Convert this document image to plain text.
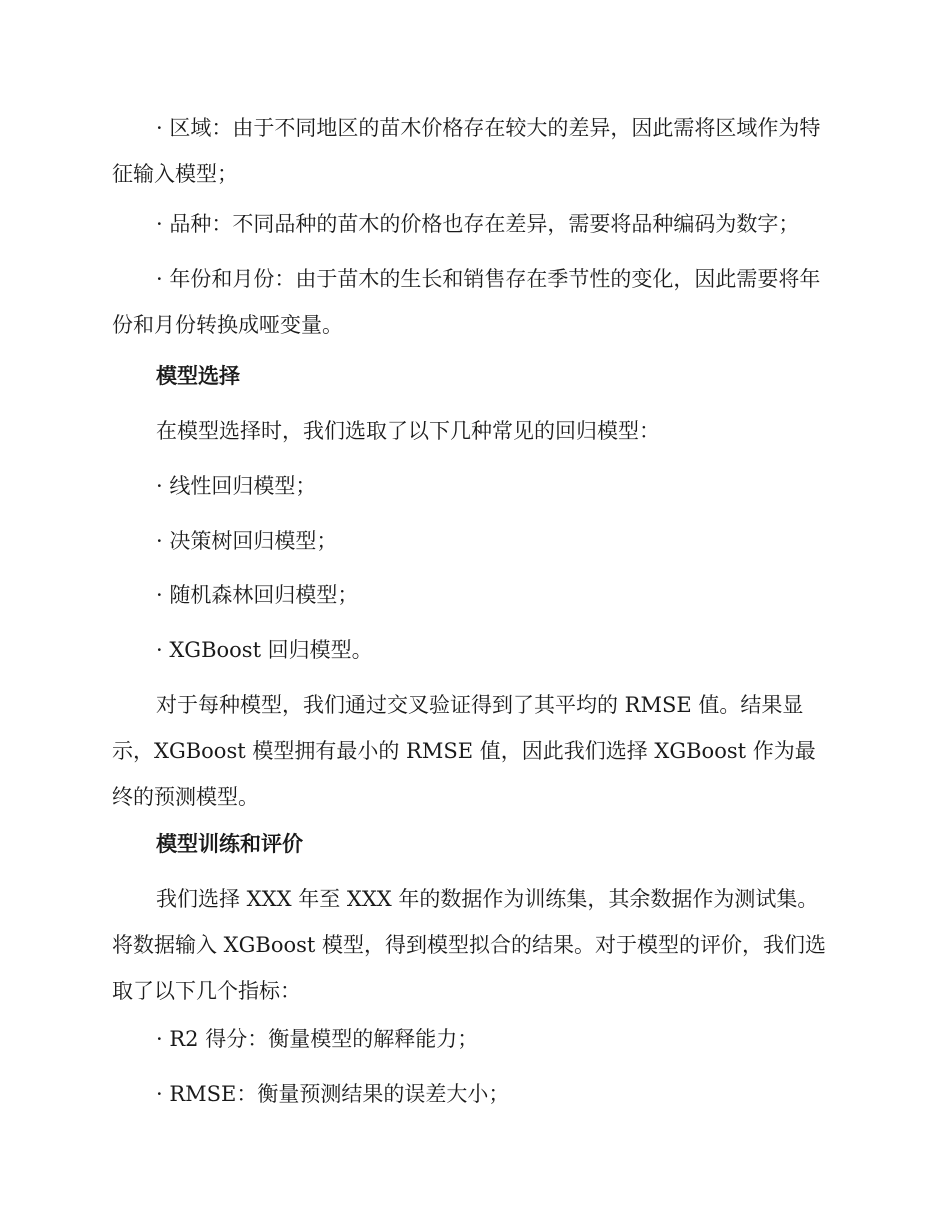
· 区域：由于不同地区的苗木价格存在较大的差异，因此需将区域作为特征输入模型；

· 品种：不同品种的苗木的价格也存在差异，需要将品种编码为数字；

· 年份和月份：由于苗木的生长和销售存在季节性的变化，因此需要将年份和月份转换成哑变量。

模型选择

在模型选择时，我们选取了以下几种常见的回归模型：

· 线性回归模型；

· 决策树回归模型；

· 随机森林回归模型；

· XGBoost 回归模型。

对于每种模型，我们通过交叉验证得到了其平均的 RMSE 值。结果显示，XGBoost 模型拥有最小的 RMSE 值，因此我们选择 XGBoost 作为最终的预测模型。

模型训练和评价

我们选择 XXX 年至 XXX 年的数据作为训练集，其余数据作为测试集。将数据输入 XGBoost 模型，得到模型拟合的结果。对于模型的评价，我们选取了以下几个指标：

· R2 得分：衡量模型的解释能力；

· RMSE：衡量预测结果的误差大小；
